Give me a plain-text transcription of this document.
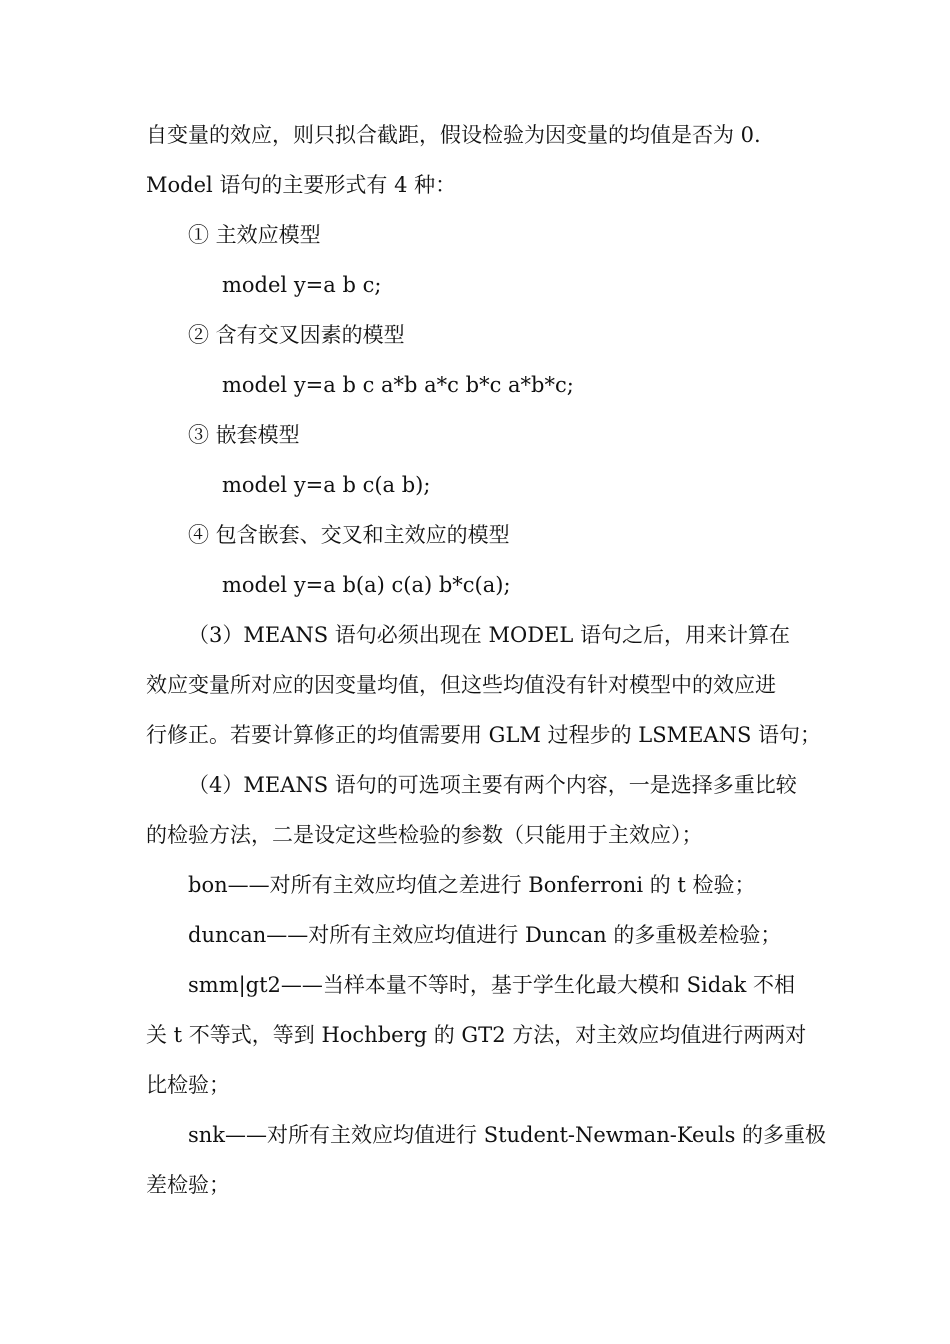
自变量的效应，则只拟合截距，假设检验为因变量的均值是否为 0.
Model 语句的主要形式有 4 种：
① 主效应模型
model y=a b c;
② 含有交叉因素的模型
model y=a b c a*b a*c b*c a*b*c;
③ 嵌套模型
model y=a b c(a b);
④ 包含嵌套、交叉和主效应的模型
model y=a b(a) c(a) b*c(a);
（3）MEANS 语句必须出现在 MODEL 语句之后，用来计算在
效应变量所对应的因变量均值，但这些均值没有针对模型中的效应进
行修正。若要计算修正的均值需要用 GLM 过程步的 LSMEANS 语句；
（4）MEANS 语句的可选项主要有两个内容，一是选择多重比较
的检验方法，二是设定这些检验的参数（只能用于主效应）；
bon——对所有主效应均值之差进行 Bonferroni 的 t 检验；
duncan——对所有主效应均值进行 Duncan 的多重极差检验；
smm|gt2——当样本量不等时，基于学生化最大模和 Sidak 不相
关 t 不等式，等到 Hochberg 的 GT2 方法，对主效应均值进行两两对
比检验；
snk——对所有主效应均值进行 Student-Newman-Keuls 的多重极
差检验；
